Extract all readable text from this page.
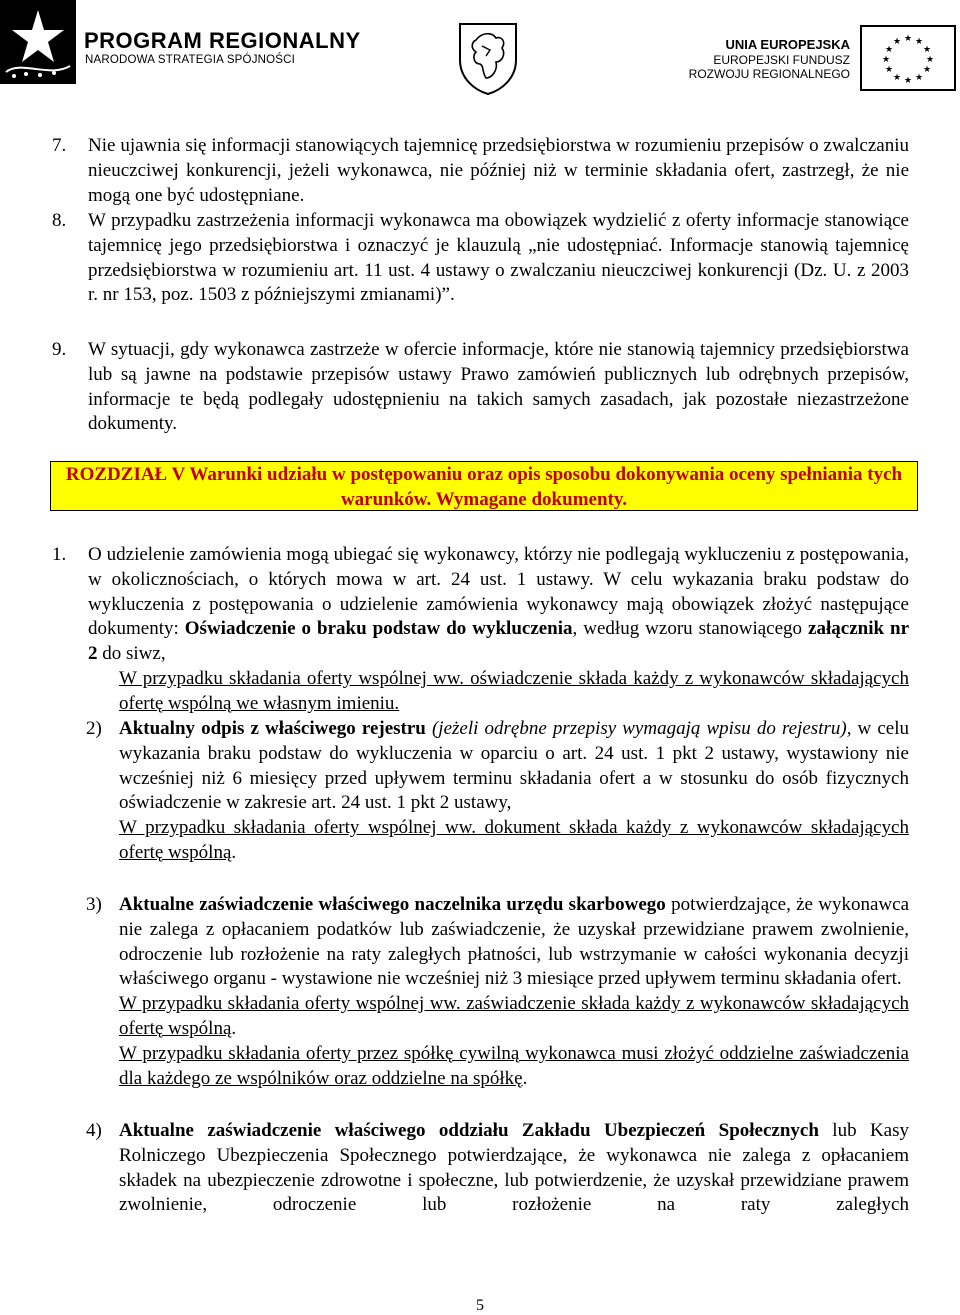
PROGRAM REGIONALNY
NARODOWA STRATEGIA SPÓJNOŚCI
UNIA EUROPEJSKA
EUROPEJSKI FUNDUSZ
ROZWOJU REGIONALNEGO
★ ★
★
★
★
★
★
★
★
★
★
★
7. Nie ujawnia się informacji stanowiących tajemnicę przedsiębiorstwa w rozumieniu przepisów o zwalczaniu nieuczciwej konkurencji, jeżeli wykonawca, nie później niż w terminie składania ofert, zastrzegł, że nie mogą one być udostępniane.
8. W przypadku zastrzeżenia informacji wykonawca ma obowiązek wydzielić z oferty informacje stanowiące tajemnicę jego przedsiębiorstwa i oznaczyć je klauzulą „nie udostępniać. Informacje stanowią tajemnicę przedsiębiorstwa w rozumieniu art. 11 ust. 4 ustawy o zwalczaniu nieuczciwej konkurencji (Dz. U. z 2003 r. nr 153, poz. 1503 z późniejszymi zmianami)”.
9. W sytuacji, gdy wykonawca zastrzeże w ofercie informacje, które nie stanowią tajemnicy przedsiębiorstwa lub są jawne na podstawie przepisów ustawy Prawo zamówień publicznych lub odrębnych przepisów, informacje te będą podlegały udostępnieniu na takich samych zasadach, jak pozostałe niezastrzeżone dokumenty.
ROZDZIAŁ V Warunki udziału w postępowaniu oraz opis sposobu dokonywania oceny spełniania tych warunków. Wymagane dokumenty.
1. O udzielenie zamówienia mogą ubiegać się wykonawcy, którzy nie podlegają wykluczeniu z postępowania, w okolicznościach, o których mowa w art. 24 ust. 1 ustawy. W celu wykazania braku podstaw do wykluczenia z postępowania o udzielenie zamówienia wykonawcy mają obowiązek złożyć następujące dokumenty: Oświadczenie o braku podstaw do wykluczenia, według wzoru stanowiącego załącznik nr 2 do siwz,
W przypadku składania oferty wspólnej ww. oświadczenie składa każdy z wykonawców składających ofertę wspólną we własnym imieniu.
2) Aktualny odpis z właściwego rejestru (jeżeli odrębne przepisy wymagają wpisu do rejestru), w celu wykazania braku podstaw do wykluczenia w oparciu o art. 24 ust. 1 pkt 2 ustawy, wystawiony nie wcześniej niż 6 miesięcy przed upływem terminu składania ofert a w stosunku do osób fizycznych oświadczenie w zakresie art. 24 ust. 1 pkt 2 ustawy,
W przypadku składania oferty wspólnej ww. dokument składa każdy z wykonawców składających ofertę wspólną.
3) Aktualne zaświadczenie właściwego naczelnika urzędu skarbowego potwierdzające, że wykonawca nie zalega z opłacaniem podatków lub zaświadczenie, że uzyskał przewidziane prawem zwolnienie, odroczenie lub rozłożenie na raty zaległych płatności, lub wstrzymanie w całości wykonania decyzji właściwego organu - wystawione nie wcześniej niż 3 miesiące przed upływem terminu składania ofert.
W przypadku składania oferty wspólnej ww. zaświadczenie składa każdy z wykonawców składających ofertę wspólną.
W przypadku składania oferty przez spółkę cywilną wykonawca musi złożyć oddzielne zaświadczenia dla każdego ze wspólników oraz oddzielne na spółkę.
4) Aktualne zaświadczenie właściwego oddziału Zakładu Ubezpieczeń Społecznych lub Kasy Rolniczego Ubezpieczenia Społecznego potwierdzające, że wykonawca nie zalega z opłacaniem składek na ubezpieczenie zdrowotne i społeczne, lub potwierdzenie, że uzyskał przewidziane prawem zwolnienie, odroczenie lub rozłożenie na raty zaległych
5
